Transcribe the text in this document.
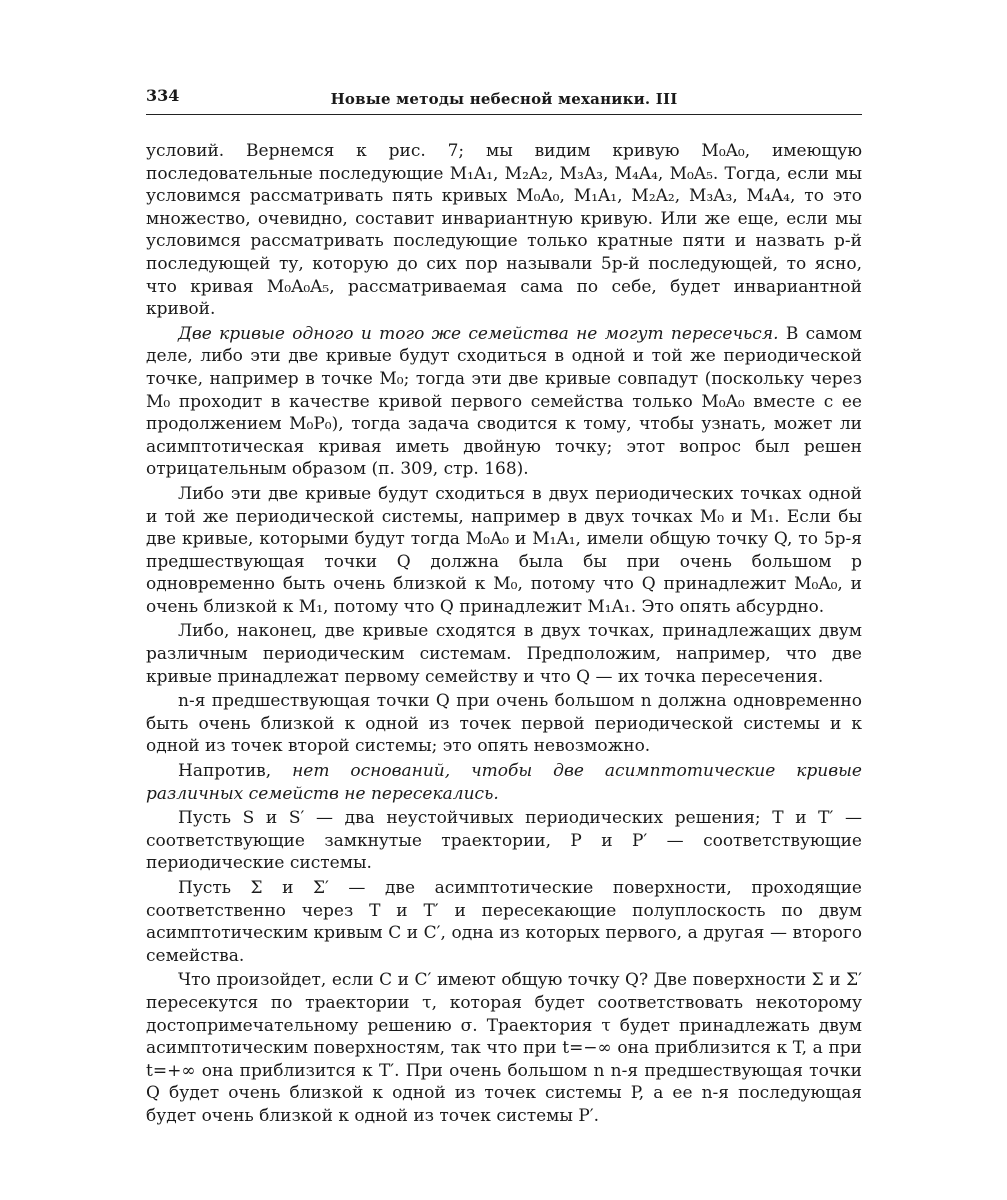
334	Новые методы небесной механики. III

условий. Вернемся к рис. 7; мы видим кривую M₀A₀, имеющую последовательные последующие M₁A₁, M₂A₂, M₃A₃, M₄A₄, M₀A₅. Тогда, если мы условимся рассматривать пять кривых M₀A₀, M₁A₁, M₂A₂, M₃A₃, M₄A₄, то это множество, очевидно, составит инвариантную кривую. Или же еще, если мы условимся рассматривать последующие только кратные пяти и назвать p-й последующей ту, которую до сих пор называли 5p-й последующей, то ясно, что кривая M₀A₀A₅, рассматриваемая сама по себе, будет инвариантной кривой.

Две кривые одного и того же семейства не могут пересечься. В самом деле, либо эти две кривые будут сходиться в одной и той же периодической точке, например в точке M₀; тогда эти две кривые совпадут (поскольку через M₀ проходит в качестве кривой первого семейства только M₀A₀ вместе с ее продолжением M₀P₀), тогда задача сводится к тому, чтобы узнать, может ли асимптотическая кривая иметь двойную точку; этот вопрос был решен отрицательным образом (п. 309, стр. 168).

Либо эти две кривые будут сходиться в двух периодических точках одной и той же периодической системы, например в двух точках M₀ и M₁. Если бы две кривые, которыми будут тогда M₀A₀ и M₁A₁, имели общую точку Q, то 5p-я предшествующая точки Q должна была бы при очень большом p одновременно быть очень близкой к M₀, потому что Q принадлежит M₀A₀, и очень близкой к M₁, потому что Q принадлежит M₁A₁. Это опять абсурдно.

Либо, наконец, две кривые сходятся в двух точках, принадлежащих двум различным периодическим системам. Предположим, например, что две кривые принадлежат первому семейству и что Q — их точка пересечения.

n-я предшествующая точки Q при очень большом n должна одновременно быть очень близкой к одной из точек первой периодической системы и к одной из точек второй системы; это опять невозможно.

Напротив, нет оснований, чтобы две асимптотические кривые различных семейств не пересекались.

Пусть S и S′ — два неустойчивых периодических решения; T и T′ — соответствующие замкнутые траектории, P и P′ — соответствующие периодические системы.

Пусть Σ и Σ′ — две асимптотические поверхности, проходящие соответственно через T и T′ и пересекающие полуплоскость по двум асимптотическим кривым C и C′, одна из которых первого, а другая — второго семейства.

Что произойдет, если C и C′ имеют общую точку Q? Две поверхности Σ и Σ′ пересекутся по траектории τ, которая будет соответствовать некоторому достопримечательному решению σ. Траектория τ будет принадлежать двум асимптотическим поверхностям, так что при t=−∞ она приблизится к T, а при t=+∞ она приблизится к T′. При очень большом n n-я предшествующая точки Q будет очень близкой к одной из точек системы P, а ее n-я последующая будет очень близкой к одной из точек системы P′.
